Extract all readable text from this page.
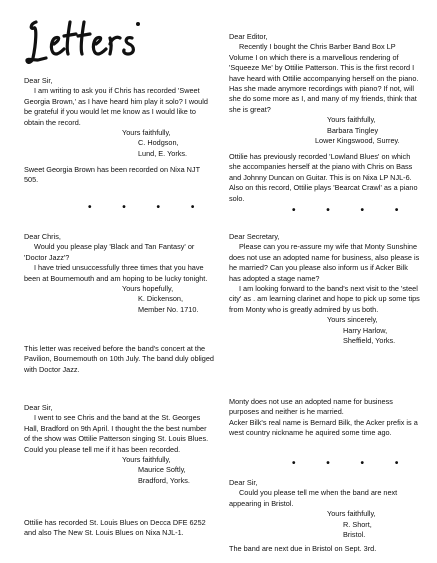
Dear Sir,

I am writing to ask you if Chris has recorded 'Sweet Georgia Brown,' as I have heard him play it solo? I would be grateful if you would let me know as I would like to obtain the record.

Yours faithfully,

C. Hodgson,

Lund, E. Yorks.

Sweet Georgia Brown has been recorded on Nixa NJT 505.

• • • •

Dear Chris,

Would you please play 'Black and Tan Fantasy' or 'Doctor Jazz'?

I have tried unsuccessfully three times that you have been at Bournemouth and am hoping to be lucky tonight.

Yours hopefully,

K. Dickenson,

Member No. 1710.

This letter was received before the band's concert at the Pavilion, Bournemouth on 10th July. The band duly obliged with Doctor Jazz.

Dear Sir,

I went to see Chris and the band at the St. Georges Hall, Bradford on 9th April. I thought the the best number of the show was Ottilie Patterson singing St. Louis Blues. Could you please tell me if it has been recorded.

Yours faithfully,

Maurice Softly,

Bradford, Yorks.

Ottilie has recorded St. Louis Blues on Decca DFE 6252 and also The New St. Louis Blues on Nixa NJL-1.

Dear Editor,

Recently I bought the Chris Barber Band Box LP Volume I on which there is a marvellous rendering of 'Squeeze Me' by Ottilie Patterson. This is the first record I have heard with Ottilie accompanying herself on the piano. Has she made anymore recordings with piano? If not, will she do some more as I, and many of my friends, think that she is great?

Yours faithfully,

Barbara Tingley

Lower Kingswood, Surrey.

Ottilie has previously recorded 'Lowland Blues' on which she accompanies herself at the piano with Chris on Bass and Johnny Duncan on Guitar. This is on Nixa LP NJL-6. Also on this record, Ottilie plays 'Bearcat Crawl' as a piano solo.

• • • •

Dear Secretary,

Please can you re-assure my wife that Monty Sunshine does not use an adopted name for business, also please is he married? Can you please also inform us if Acker Bilk has adopted a stage name?

I am looking forward to the band's next visit to the 'steel city' as . am learning clarinet and hope to pick up some tips from Monty who is greatly admired by us both.

Yours sincerely,

Harry Harlow,

Sheffield, Yorks.

Monty does not use an adopted name for business purposes and neither is he married.

Acker Bilk's real name is Bernard Bilk, the Acker prefix is a west country nickname he aquired some time ago.

• • • •

Dear Sir,

Could you please tell me when the band are next appearing in Bristol.

Yours faithfully,

R. Short,

Bristol.

The band are next due in Bristol on Sept. 3rd.
